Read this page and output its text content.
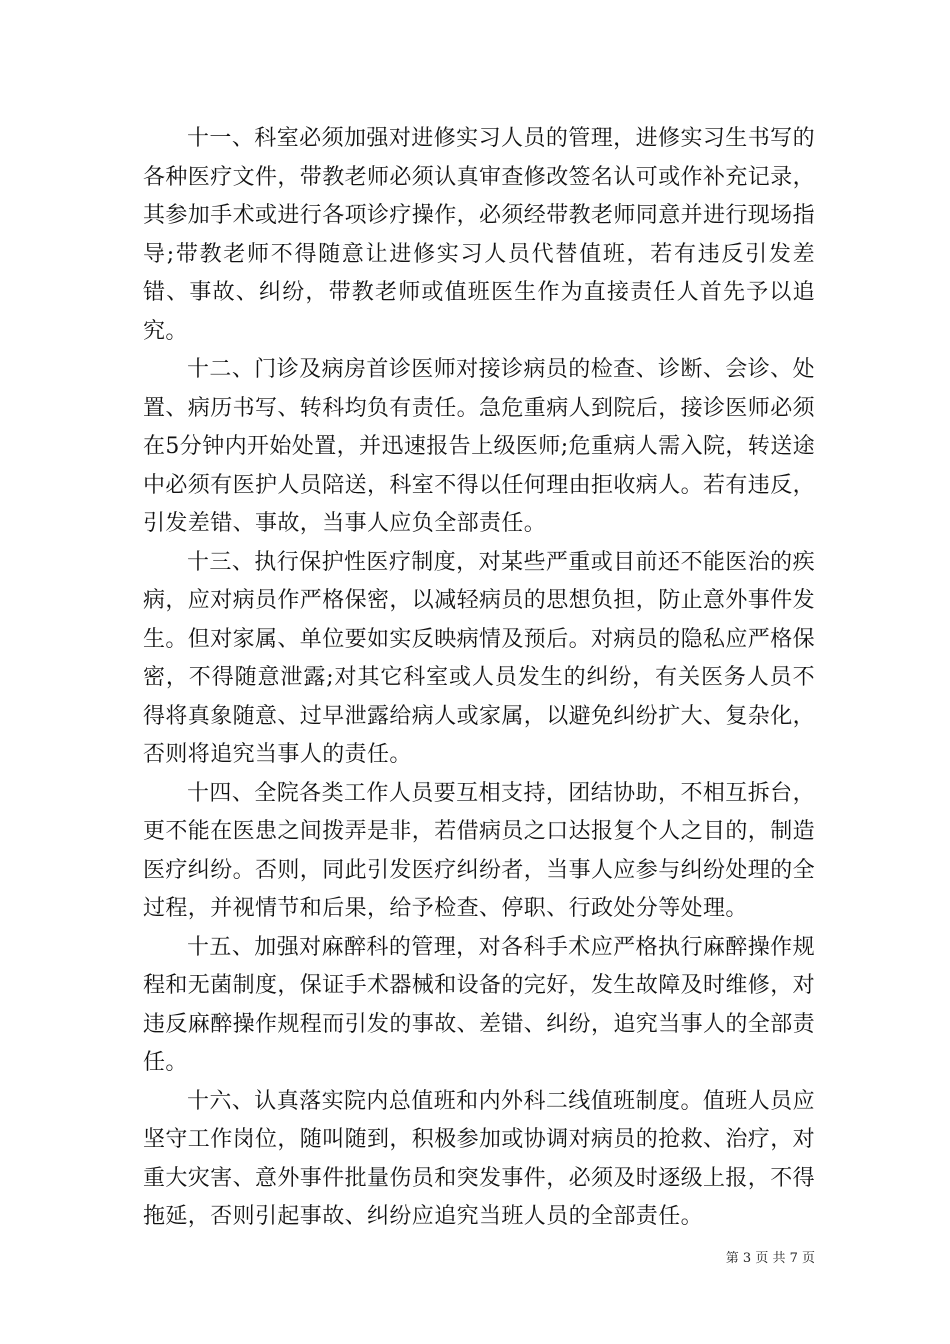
十一、科室必须加强对进修实习人员的管理，进修实习生书写的各种医疗文件，带教老师必须认真审查修改签名认可或作补充记录，其参加手术或进行各项诊疗操作，必须经带教老师同意并进行现场指导;带教老师不得随意让进修实习人员代替值班，若有违反引发差错、事故、纠纷，带教老师或值班医生作为直接责任人首先予以追究。

十二、门诊及病房首诊医师对接诊病员的检查、诊断、会诊、处置、病历书写、转科均负有责任。急危重病人到院后，接诊医师必须在5分钟内开始处置，并迅速报告上级医师;危重病人需入院，转送途中必须有医护人员陪送，科室不得以任何理由拒收病人。若有违反，引发差错、事故，当事人应负全部责任。

十三、执行保护性医疗制度，对某些严重或目前还不能医治的疾病，应对病员作严格保密，以减轻病员的思想负担，防止意外事件发生。但对家属、单位要如实反映病情及预后。对病员的隐私应严格保密，不得随意泄露;对其它科室或人员发生的纠纷，有关医务人员不得将真象随意、过早泄露给病人或家属，以避免纠纷扩大、复杂化，否则将追究当事人的责任。

十四、全院各类工作人员要互相支持，团结协助，不相互拆台，更不能在医患之间拨弄是非，若借病员之口达报复个人之目的，制造医疗纠纷。否则，同此引发医疗纠纷者，当事人应参与纠纷处理的全过程，并视情节和后果，给予检查、停职、行政处分等处理。

十五、加强对麻醉科的管理，对各科手术应严格执行麻醉操作规程和无菌制度，保证手术器械和设备的完好，发生故障及时维修，对违反麻醉操作规程而引发的事故、差错、纠纷，追究当事人的全部责任。

十六、认真落实院内总值班和内外科二线值班制度。值班人员应坚守工作岗位，随叫随到，积极参加或协调对病员的抢救、治疗，对重大灾害、意外事件批量伤员和突发事件，必须及时逐级上报，不得拖延，否则引起事故、纠纷应追究当班人员的全部责任。

第 3 页 共 7 页
